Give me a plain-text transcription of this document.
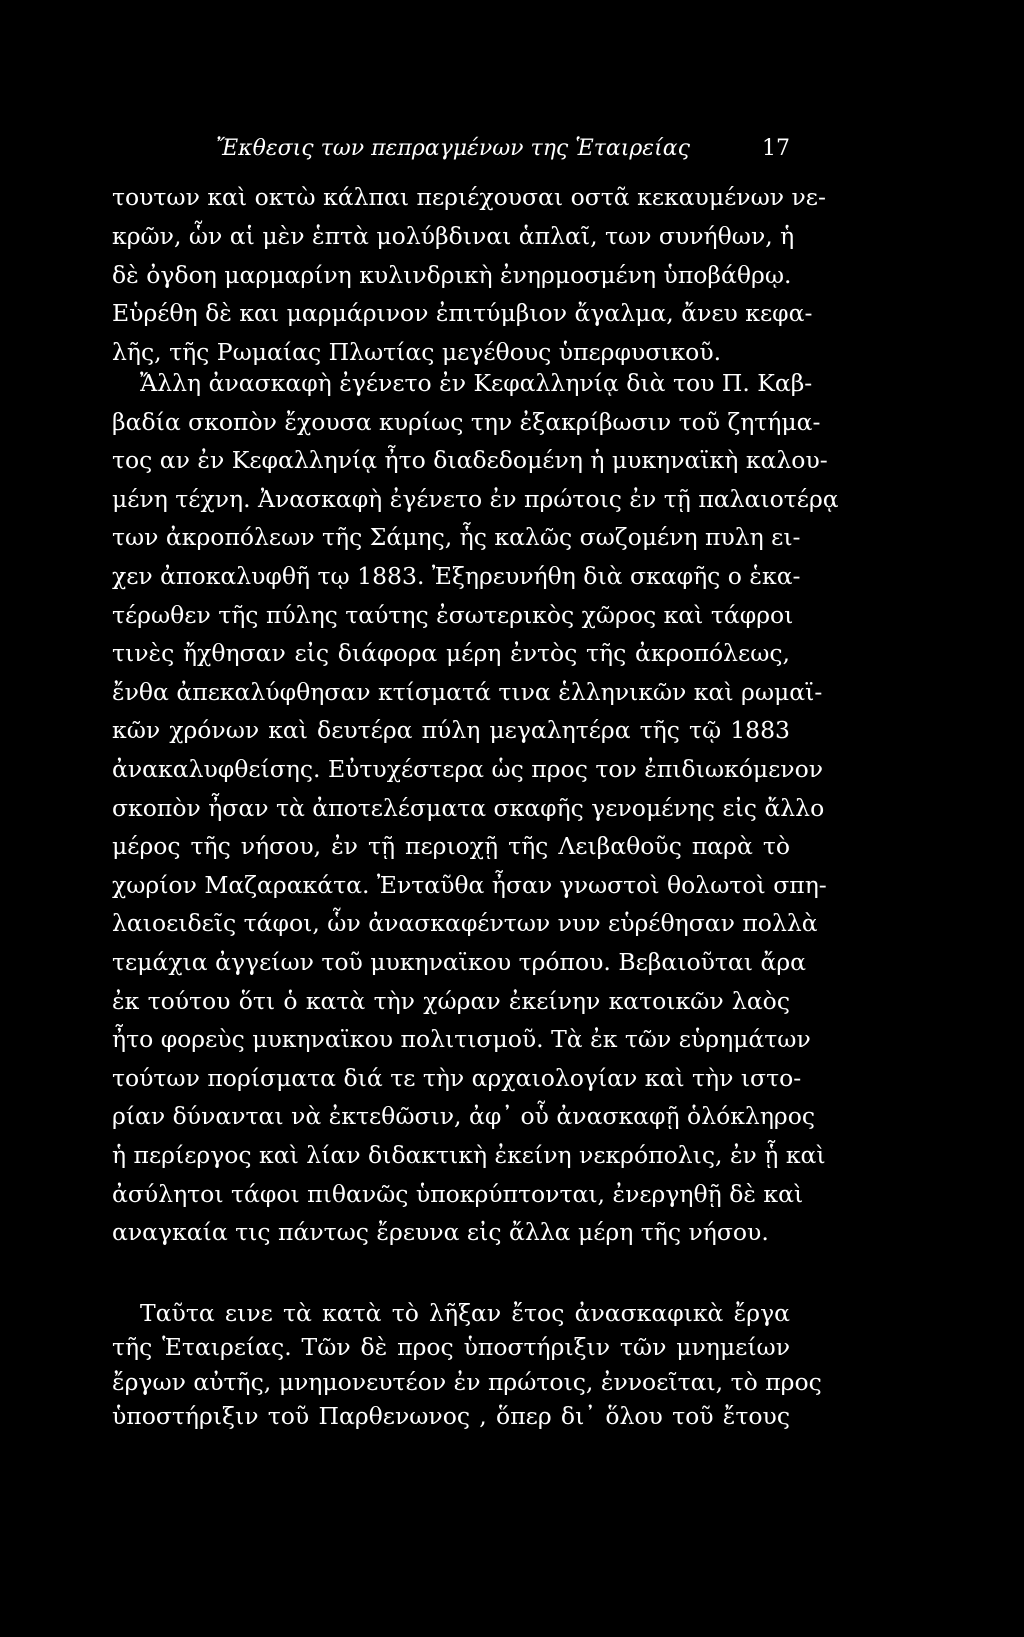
Ἔκθεσις των πεπραγμένων της Ἑταιρείας	17
τουτων καὶ οκτὼ κάλπαι περιέχουσαι οστᾶ κεκαυμένων νε-
κρῶν, ὧν αἱ μὲν ἑπτὰ μολύβδιναι ἁπλαῖ, των συνήθων, ἡ
δὲ ὀγδοη μαρμαρίνη κυλινδρικὴ ἐνηρμοσμένη ὑποβάθρῳ.
Εὑρέθη δὲ και μαρμάρινον ἐπιτύμβιον ἄγαλμα, ἄνευ κεφα-
λῆς, τῆς Ρωμαίας Πλωτίας μεγέθους ὑπερφυσικοῦ.
Ἄλλη ἀνασκαφὴ ἐγένετο ἐν Κεφαλληνίᾳ διὰ του Π. Καβ-
βαδία σκοπὸν ἔχουσα κυρίως την ἐξακρίβωσιν τοῦ ζητήμα-
τος αν ἐν Κεφαλληνίᾳ ἦτο διαδεδομένη ἡ μυκηναϊκὴ καλου-
μένη τέχνη. Ἀνασκαφὴ ἐγένετο ἐν πρώτοις ἐν τῇ παλαιοτέρᾳ
των ἀκροπόλεων τῆς Σάμης, ἧς καλῶς σωζομένη πυλη ει-
χεν ἀποκαλυφθῆ τῳ 1883. Ἐξηρευνήθη διὰ σκαφῆς ο ἑκα-
τέρωθεν τῆς πύλης ταύτης ἐσωτερικὸς χῶρος καὶ τάφροι
τινὲς ἤχθησαν εἰς διάφορα μέρη ἐντὸς τῆς ἀκροπόλεως,
ἔνθα ἀπεκαλύφθησαν κτίσματά τινα ἑλληνικῶν καὶ ρωμαϊ-
κῶν χρόνων καὶ δευτέρα πύλη μεγαλητέρα τῆς τῷ 1883
ἀνακαλυφθείσης. Εὐτυχέστερα ὡς προς τον ἐπιδιωκόμενον
σκοπὸν ἦσαν τὰ ἀποτελέσματα σκαφῆς γενομένης εἰς ἄλλο
μέρος τῆς νήσου, ἐν τῇ περιοχῇ τῆς Λειβαθοῦς παρὰ τὸ
χωρίον Μαζαρακάτα. Ἐνταῦθα ἦσαν γνωστοὶ θολωτοὶ σπη-
λαιοειδεῖς τάφοι, ὧν ἀνασκαφέντων νυν εὑρέθησαν πολλὰ
τεμάχια ἀγγείων τοῦ μυκηναϊκου τρόπου. Βεβαιοῦται ἄρα
ἐκ τούτου ὅτι ὁ κατὰ τὴν χώραν ἐκείνην κατοικῶν λαὸς
ἦτο φορεὺς μυκηναϊκου πολιτισμοῦ. Τὰ ἐκ τῶν εὑρημάτων
τούτων πορίσματα διά τε τὴν αρχαιολογίαν καὶ τὴν ιστο-
ρίαν δύνανται νὰ ἐκτεθῶσιν, ἀφ᾽ οὗ ἀνασκαφῇ ὁλόκληρος
ἡ περίεργος καὶ λίαν διδακτικὴ ἐκείνη νεκρόπολις, ἐν ᾗ καὶ
ἀσύλητοι τάφοι πιθανῶς ὑποκρύπτονται, ἐνεργηθῇ δὲ καὶ
αναγκαία τις πάντως ἔρευνα εἰς ἄλλα μέρη τῆς νήσου.
Ταῦτα εινε τὰ κατὰ τὸ λῆξαν ἔτος ἀνασκαφικὰ ἔργα
τῆς Ἑταιρείας. Τῶν δὲ προς ὑποστήριξιν τῶν μνημείων
ἔργων αὐτῆς, μνημονευτέον ἐν πρώτοις, ἐννοεῖται, τὸ προς
ὑποστήριξιν τοῦ Παρθενωνος , ὅπερ δι᾽ ὅλου τοῦ ἔτους
